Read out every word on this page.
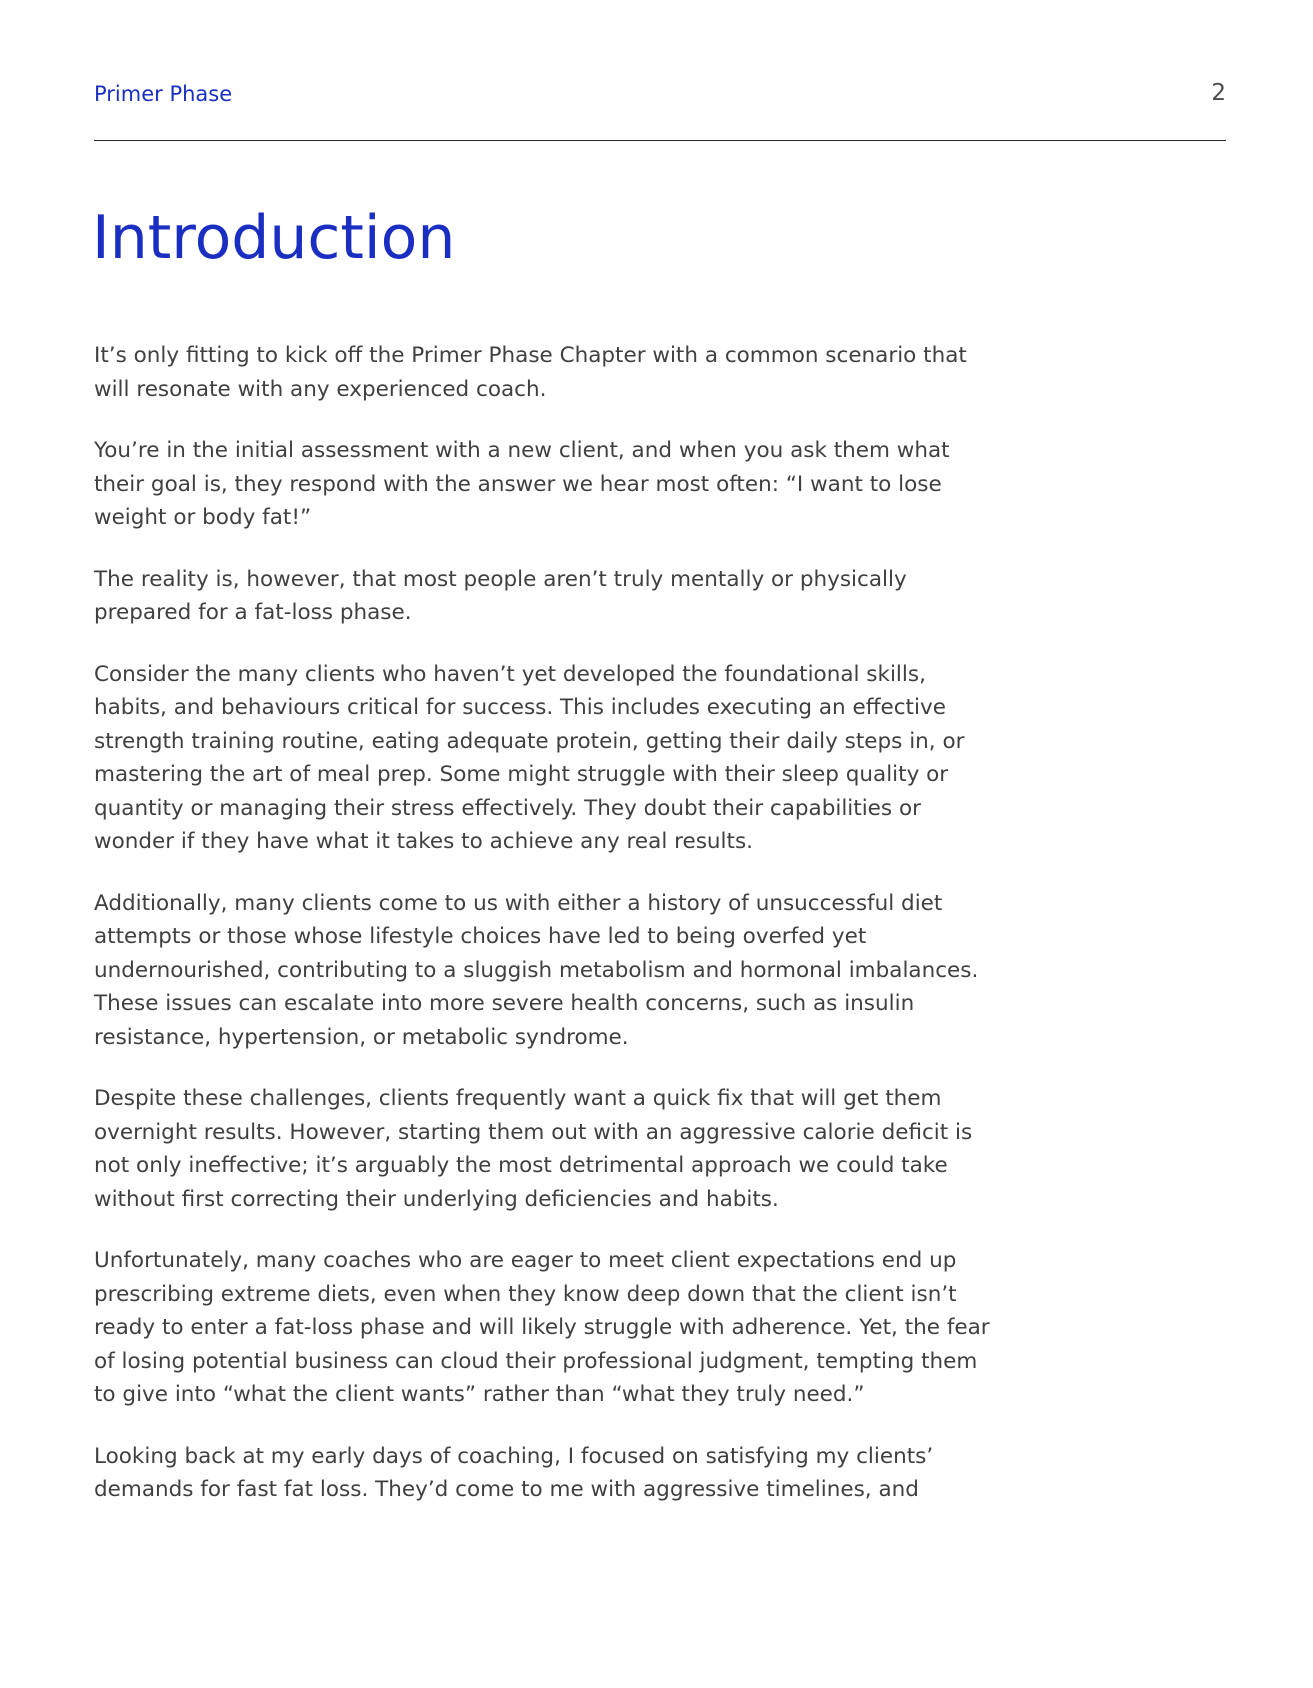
Primer Phase	2
Introduction

It’s only fitting to kick off the Primer Phase Chapter with a common scenario that will resonate with any experienced coach.

You’re in the initial assessment with a new client, and when you ask them what their goal is, they respond with the answer we hear most often: “I want to lose weight or body fat!”

The reality is, however, that most people aren’t truly mentally or physically prepared for a fat-loss phase.

Consider the many clients who haven’t yet developed the foundational skills, habits, and behaviours critical for success. This includes executing an effective strength training routine, eating adequate protein, getting their daily steps in, or mastering the art of meal prep. Some might struggle with their sleep quality or quantity or managing their stress effectively. They doubt their capabilities or wonder if they have what it takes to achieve any real results.

Additionally, many clients come to us with either a history of unsuccessful diet attempts or those whose lifestyle choices have led to being overfed yet undernourished, contributing to a sluggish metabolism and hormonal imbalances. These issues can escalate into more severe health concerns, such as insulin resistance, hypertension, or metabolic syndrome.

Despite these challenges, clients frequently want a quick fix that will get them overnight results. However, starting them out with an aggressive calorie deficit is not only ineffective; it’s arguably the most detrimental approach we could take without first correcting their underlying deficiencies and habits.

Unfortunately, many coaches who are eager to meet client expectations end up prescribing extreme diets, even when they know deep down that the client isn’t ready to enter a fat-loss phase and will likely struggle with adherence. Yet, the fear of losing potential business can cloud their professional judgment, tempting them to give into “what the client wants” rather than “what they truly need.”

Looking back at my early days of coaching, I focused on satisfying my clients’ demands for fast fat loss. They’d come to me with aggressive timelines, and
